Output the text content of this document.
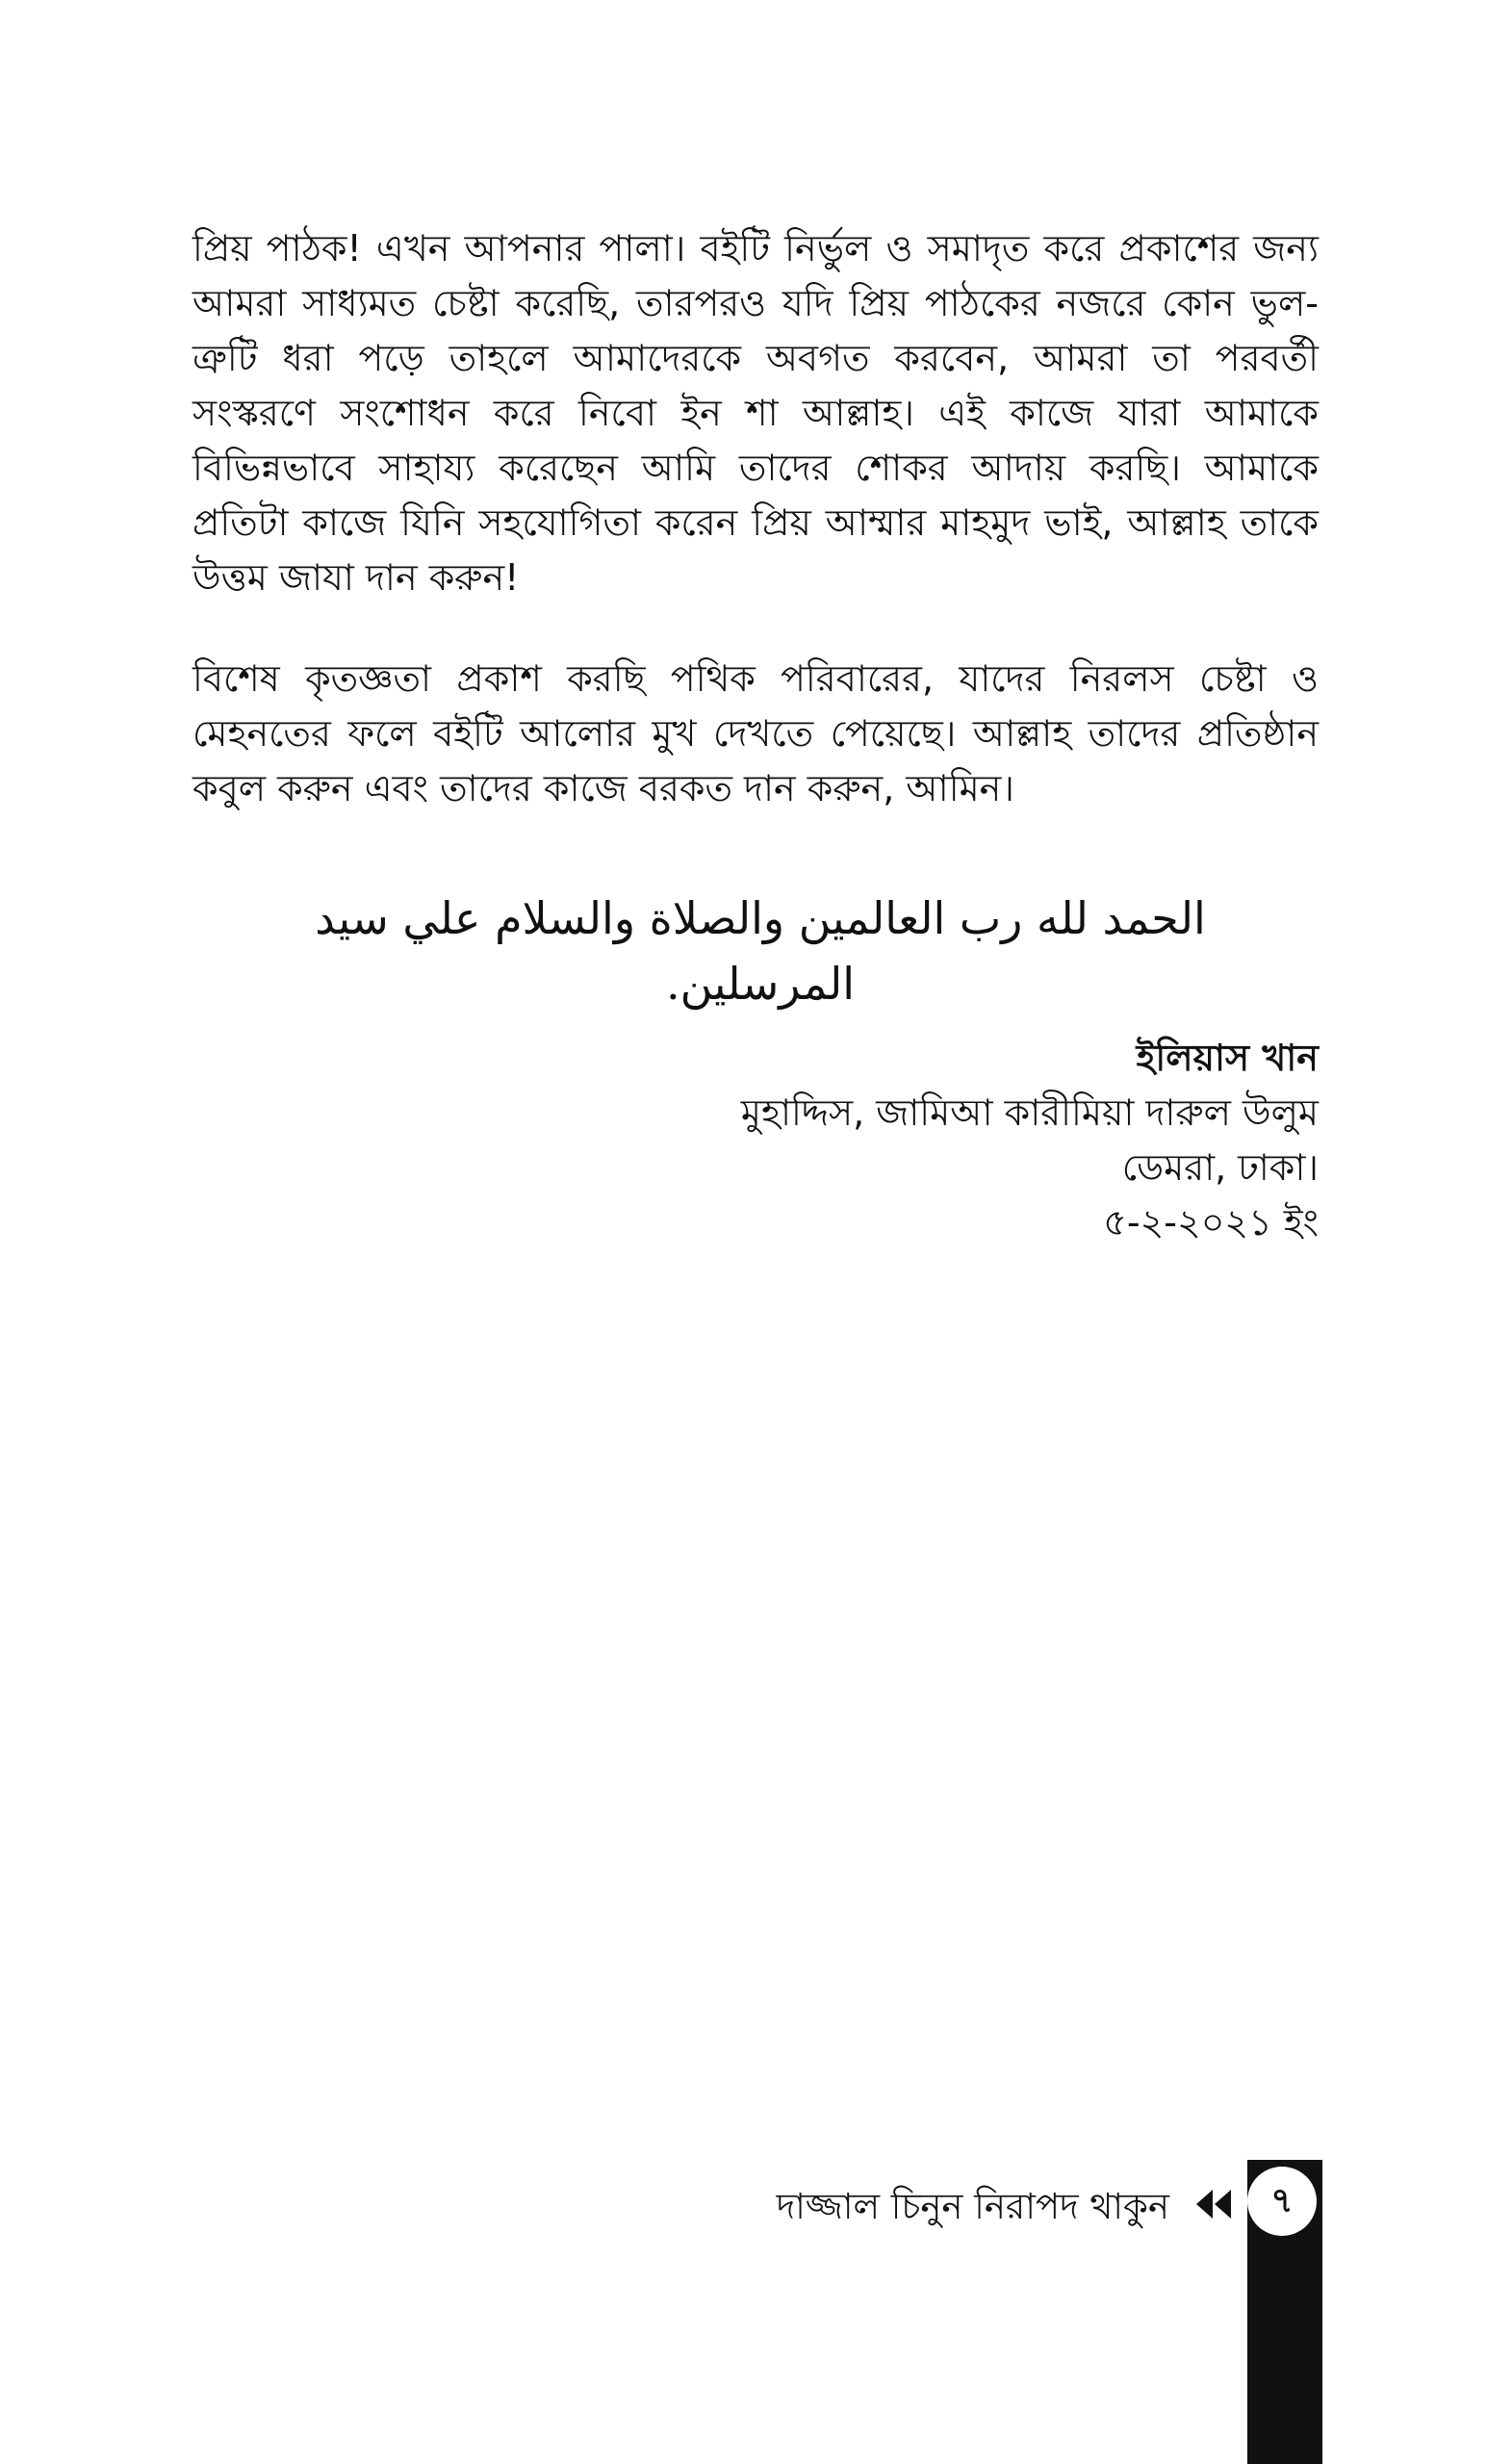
প্রিয় পাঠক! এখন আপনার পালা। বইটি নির্ভুল ও সমাদৃত করে প্রকাশের জন্য আমরা সাধ্যমত চেষ্টা করেছি, তারপরও যদি প্রিয় পাঠকের নজরে কোন ভুল-ত্রুটি ধরা পড়ে তাহলে আমাদেরকে অবগত করবেন, আমরা তা পরবর্তী সংস্করণে সংশোধন করে নিবো ইন শা আল্লাহ। এই কাজে যারা আমাকে বিভিন্নভাবে সাহায্য করেছেন আমি তাদের শোকর আদায় করছি। আমাকে প্রতিটা কাজে যিনি সহযোগিতা করেন প্রিয় আম্মার মাহমুদ ভাই, আল্লাহ তাকে উত্তম জাযা দান করুন!

বিশেষ কৃতজ্ঞতা প্রকাশ করছি পথিক পরিবারের, যাদের নিরলস চেষ্টা ও মেহনতের ফলে বইটি আলোর মুখ দেখতে পেয়েছে। আল্লাহ তাদের প্রতিষ্ঠান কবুল করুন এবং তাদের কাজে বরকত দান করুন, আমিন।

الحمد لله رب العالمين والصلاة والسلام علي سيد المرسلين.
ইলিয়াস খান
মুহাদ্দিস, জামিআ কারীমিয়া দারুল উলুম
ডেমরা, ঢাকা।
৫-২-২০২১ ইং
দাজ্জাল চিনুন নিরাপদ থাকুন	৭
